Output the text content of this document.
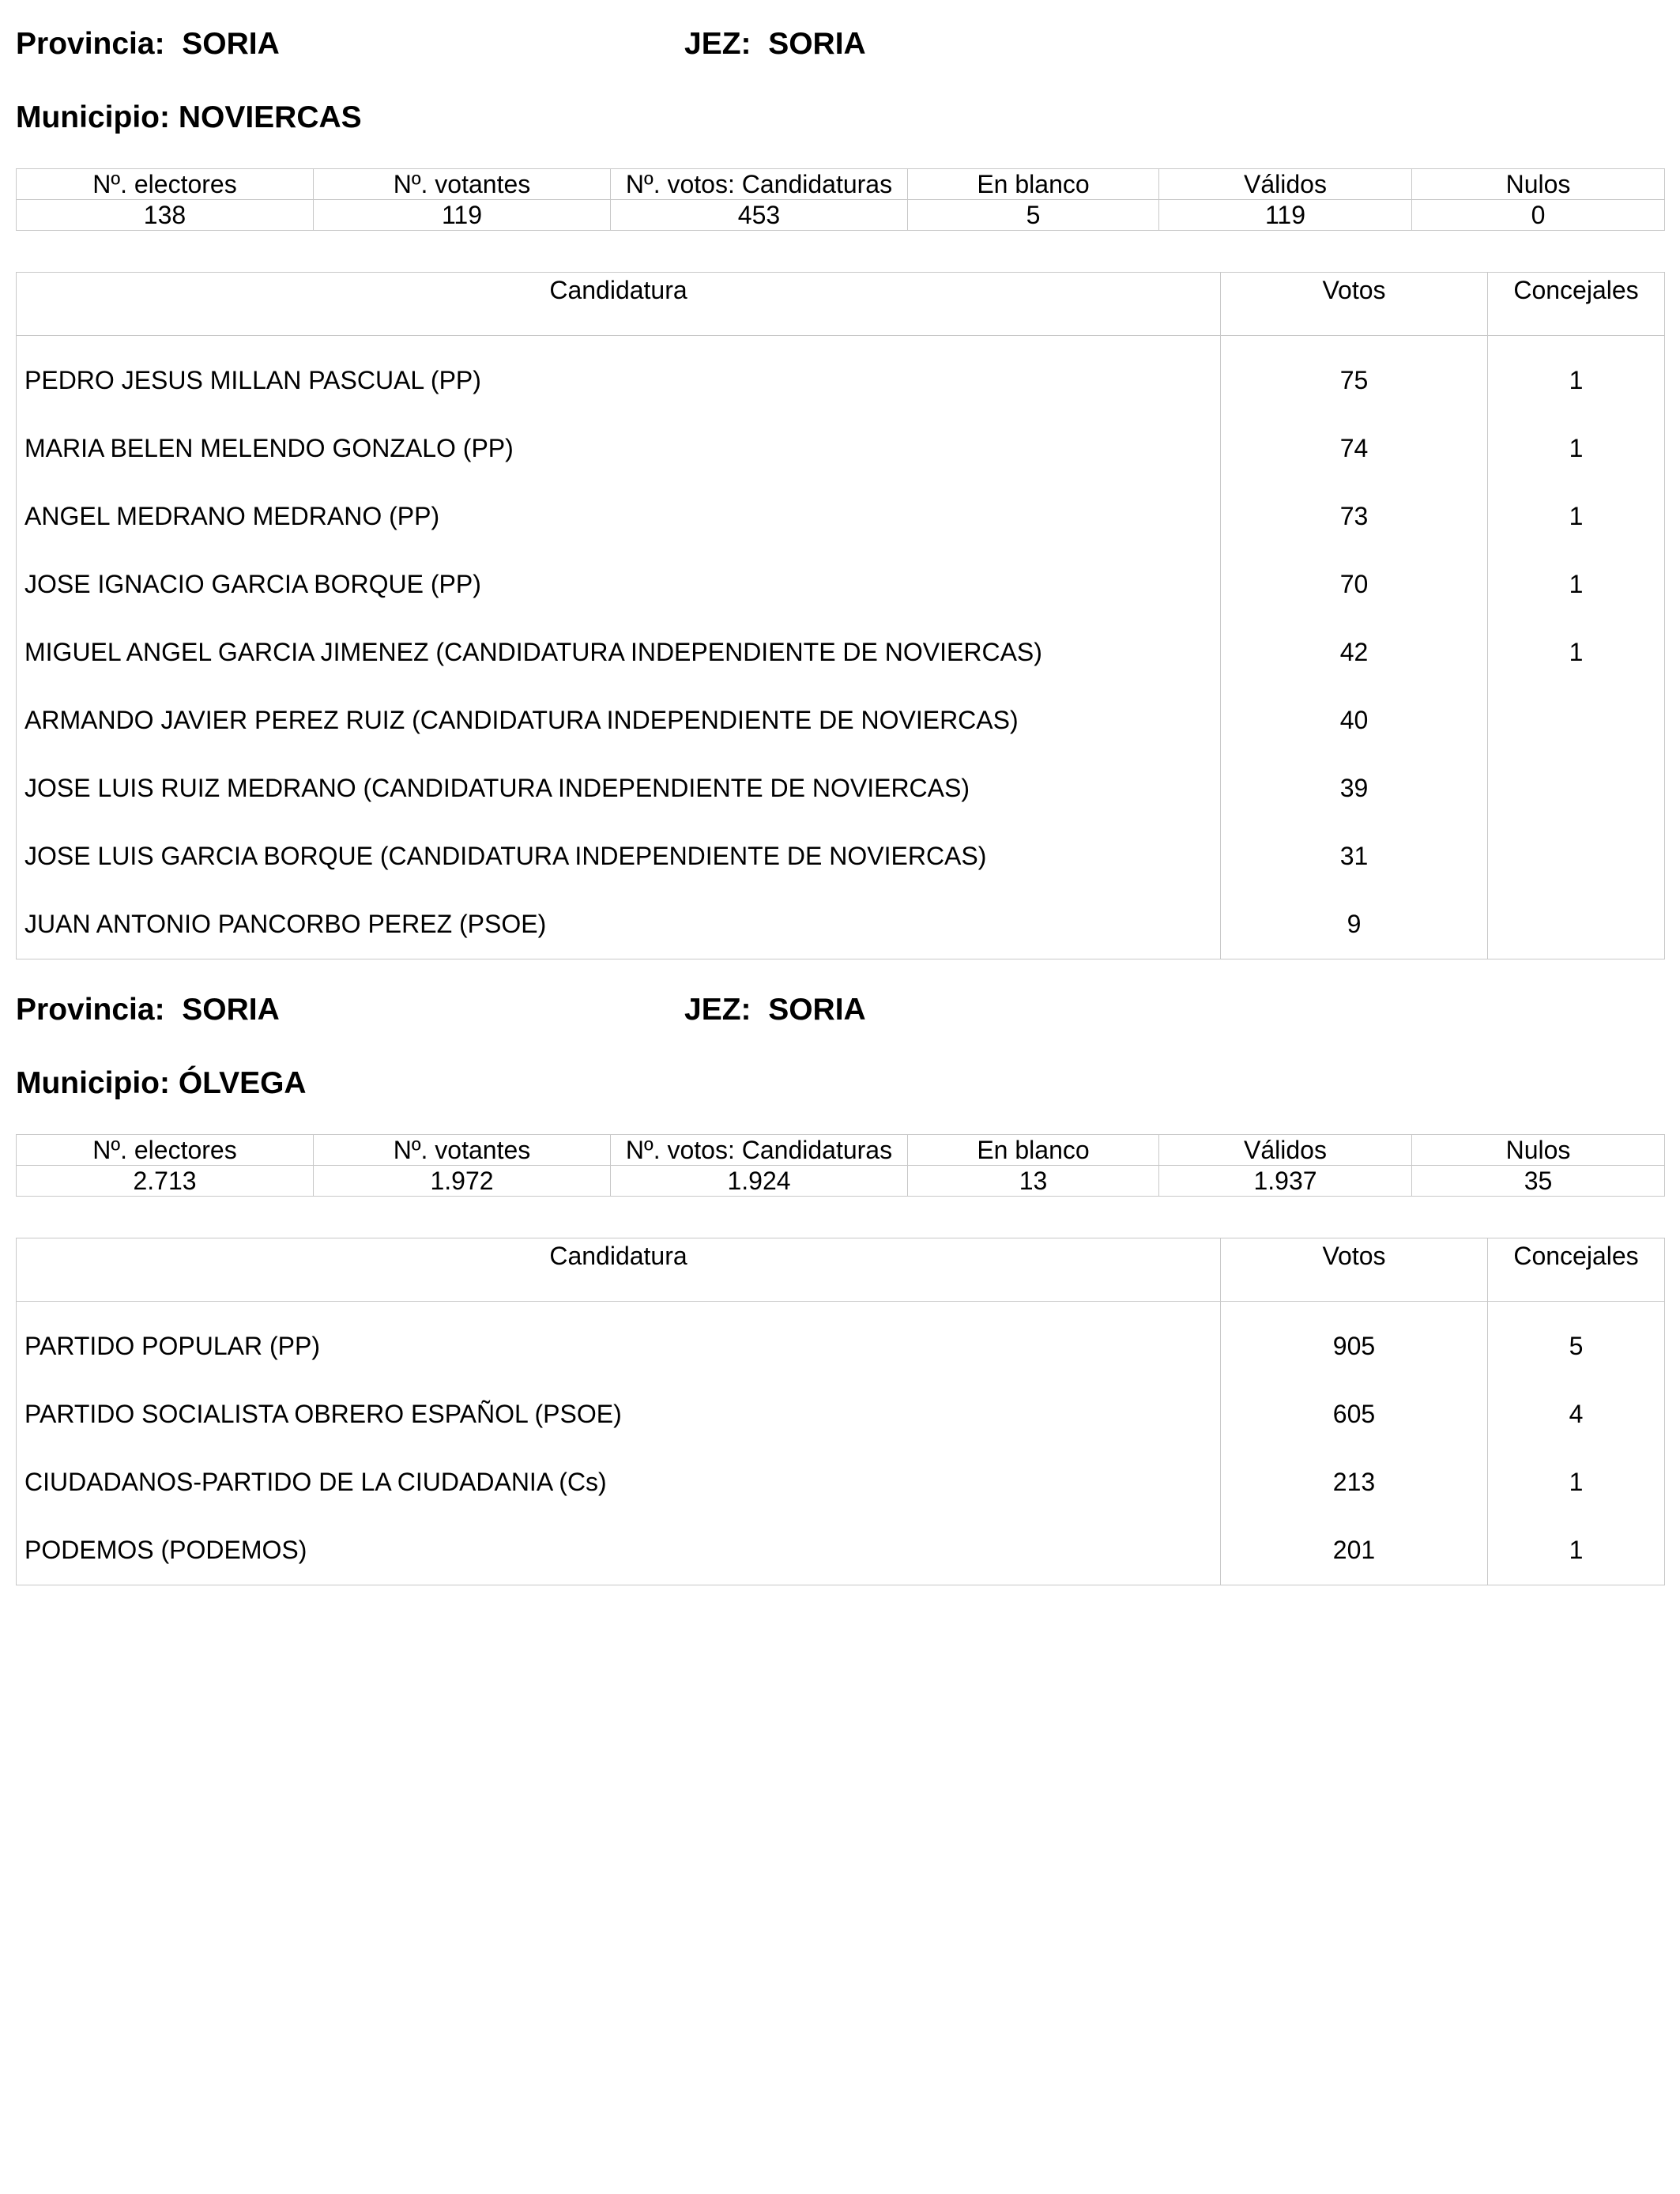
Provincia: SORIA	JEZ: SORIA
Municipio: NOVIERCAS
Nº. electores	Nº. votantes	Nº. votos: Candidaturas	En blanco	Válidos	Nulos
138	119	453	5	119	0
Candidatura	Votos	Concejales
PEDRO JESUS MILLAN PASCUAL (PP)	75	1
MARIA BELEN MELENDO GONZALO (PP)	74	1
ANGEL MEDRANO MEDRANO (PP)	73	1
JOSE IGNACIO GARCIA BORQUE (PP)	70	1
MIGUEL ANGEL GARCIA JIMENEZ (CANDIDATURA INDEPENDIENTE DE NOVIERCAS)	42	1
ARMANDO JAVIER PEREZ RUIZ (CANDIDATURA INDEPENDIENTE DE NOVIERCAS)	40	
JOSE LUIS RUIZ MEDRANO (CANDIDATURA INDEPENDIENTE DE NOVIERCAS)	39	
JOSE LUIS GARCIA BORQUE (CANDIDATURA INDEPENDIENTE DE NOVIERCAS)	31	
JUAN ANTONIO PANCORBO PEREZ (PSOE)	9	
Provincia: SORIA	JEZ: SORIA
Municipio: ÓLVEGA
Nº. electores	Nº. votantes	Nº. votos: Candidaturas	En blanco	Válidos	Nulos
2.713	1.972	1.924	13	1.937	35
Candidatura	Votos	Concejales
PARTIDO POPULAR (PP)	905	5
PARTIDO SOCIALISTA OBRERO ESPAÑOL (PSOE)	605	4
CIUDADANOS-PARTIDO DE LA CIUDADANIA (Cs)	213	1
PODEMOS (PODEMOS)	201	1
